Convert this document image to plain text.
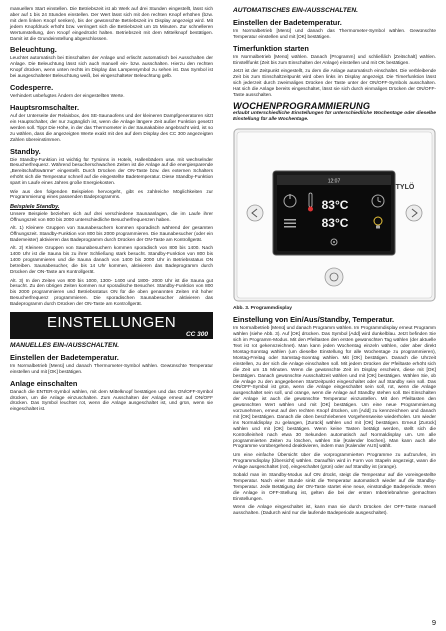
manuellem Start einstellen. Die Betriebszeit ist ab Werk auf drei Stunden eingestellt, lässt sich aber auf 1 bis 24 Stunden einstellen. Der Wert lässt sich mit den rechten Knopf erhöhen (bzw. mit dem linken Knopf senken), bis der gewünschte Betriebszeit im Display angezeigt wird. Mit jedem Knopfdruck erhöht bzw. verringert sich die Betriebszeit um 15 Minuten. Zur schnelleren Wertumstellung, den Knopf eingedrückt halten. Betriebszeit mit dem Mittelknopf bestätigen. Damit ist die Grundeinstellung abgeschlossen.

Beleuchtung.

Leuchtet automatisch bei Einschalten der Anlage und erlischt automatisch bei Ausschalten der Anlage. Die Beleuchtung lässt sich auch manuell ein- bzw. ausschalten. Hierzu den rechten Knopf drücken, wenn unten rechts im Display das Lampensymbol zu sehen ist. Das Symbol ist bei ausgeschalteter Beleuchtung weiß, bei eingeschalteter Beleuchtung gelb.

Codesperre.

Verhindert unbefugtes Ändern der eingestellten Werte.

Hauptsromschalter.

Auf der Unterseite der Relaisbox, des SE-Saunaofens und der kleineren Dampfgeneratoren sitzt ein Hauptschalter, der nur zugänglich ist, wenn die Anlage längere Zeit außer Funktion gesetzt werden soll. Tipp! Die Höhe, in der das Thermometer in der Saunakabine angebracht wird, ist so zu wählen, dass die angezeigten Werte exakt mit den auf dem Display des CC 300 angezeigten Zahlen übereinstimmen.

Standby.

Die Standby-Funktion ist wichtig für Tyrsinns in Hotels, Hallenbädern usw. mit wechselnder Besucherfrequenz. Während besucherschwachen Zeiten ist die Anlage auf die energiesparende „Bereitschaftswärme“ eingestellt. Durch Drücken der ON-Taste bzw. des externen Schalters erhöht sich die Temperatur schnell auf die eingestellte Badetemperatur. Diese Standby-Funktion spart im Laufe eines Jahres große Energiekosten.

Wie aus den folgenden Beispielen hervorgeht, gibt es zahlreiche Möglichkeiten zur Programmierung eines passenden Badeprogramms.

Beispiele Standby.

Unsere Beispiele beziehen sich auf drei verschiedene Saunaanlagen, die im Laufe ihrer Öffnungszeit von 800 bis 2000 unterschiedliche Besucherfrequenzen haben.

Alt. 1) Kleinere Gruppen von Saunabesuchern kommen sporadisch während der gesamten Öffnungszeit. Standby-Funktion von 800 bis 2000 programmieren. Die Saunabesucher (oder ein Bademeister) aktivieren das Badeprogramm durch Drücken der ON-Taste am Kontrollgerät.

Alt. 2) Kleinere Gruppen von Saunabesuchern kommen sporadisch von 800 bis 1400. Nach 1400 Uhr ist die Sauna bis zu ihrer Schließung stark besucht. Standby-Funktion von 800 bis 1400 programmieren und die Sauna danach von 1400 bis 2000 Uhr in Betriebsstatus ON betreiben. Saunabesucher, die bis 14 Uhr kommen, aktivieren das Badeprogramm durch Drücken der ON-Taste am Kontrollgerät.

Alt. 3) In den Zeiten von 800 bis 1000, 1300- 1400 und 1800- 2000 Uhr ist die Sauna gut besucht. Zu den übrigen Zeiten kommen nur sporadische Besucher. Standby-Funktion von 800 bis 2000 programmieren und Betriebsstatus ON für die oben genannten Zeiten mit hoher Besucherfrequenz programmieren. Die sporadischen Saunabesucher aktivieren das Badeprogramm durch Drücken der ON-Taste am Kontrollgerät.

EINSTELLUNGEN
CC 300
MANUELLES EIN-/AUSSCHALTEN.
Einstellen der Badetemperatur.

Im Normalbetrieb [Menü] und danach Thermometer-Symbol wählen. Gewünschte Temperatur einstellen und mit [OK] bestätigen.

Anlage einschalten

Danach die ENTER-Symbol wählen, mit dem Mittelknopf bestätigen und das ON/OFF-Symbol drücken, um die Anlage einzuschalten. Zum Ausschalten der Anlage erneut auf ON/OFF drücken. Das Symbol leuchtet rot, wenn die Anlage ausgeschaltet ist, und grün, wenn sie eingeschaltet ist.

AUTOMATISCHES EIN-/AUSSCHALTEN.
Einstellen der Badetemperatur.

Im Normalbetrieb [Menü] und danach das Thermometer-Symbol wählen. Gewünschte Temperatur einstellen und mit [OK] bestätigen.

Timerfunktion starten

Im Normalbetrieb [Menü] wählen. Danach [Programm] und schließlich [Zeitschalt] wählen. Einstellfunkt (Zeit bis zum Einschalten der Anlage) einstellen und mit OK bestätigen.

Jetzt ist der Zeitpunkt eingestellt, zu dem die Anlage automatisch einschaltet. Die verbleibende Zeit bis zum Einschaltzeitpunkt wird oben links im Display angezeigt. Die Timerfunktion lässt sich jederzeit durch zweimaliges Drücken der Taste unter der ON/OFF-Symbols ausschalten. Hat sich die Anlage bereits eingeschaltet, lässt sie sich durch einmaliges Drücken der ON/OFF-Taste ausschalten.

WOCHENPROGRAMMIERUNG

erlaubt unterschiedliche Einstellungen für unterschiedliche Wochentage oder dieselbe Einstellung für alle Wochentage.

12:07
83°C
83°C
TYLÖ

Abb. 3. Programmdisplay

Einstellung von Ein/Aus/Standby, Temperatur.

Im Normalbetrieb [Menü] und danach Programm wählen. Im Programmdisplay erneut Programm wählen (siehe Abb. 3). Auf [OK] drücken. Das Symbol [Add] wird dunkelblau. Jetzt befinden Sie sich im Programm-Modus. Mit den Pfeiltasten den ersten gewünschten Tag wählen (der aktuelle Text ist rot gekennzeichnet). Man kann jeden Wochentag einzeln wählen, oder aber direkt Montag-Sonntag wählen (um dieselbe Einstellung für alle Wochentage zu programmieren), Montag-Freitag oder Samstag-Sonntag wählen. Mit [OK] bestätigen. Danach die Uhrzeit einstellen, zu der sich die Anlage einschalten soll. Mit jedem Drücken der Pfeiltaste erhöht sich die Zeit um 15 Minuten. Wenn die gewünschte Zeit im Display erscheint, diese mit [OK] bestätigen. Danach gewünschte Ausschaltzeit wählen und mit [OK] bestätigen. Wählen Sie, ob die Anlage zu den angegebenen Startzeitpunkt eingeschaltet oder auf Standby sein soll. Das ON/OFF-Symbol ist grün, wenn die Anlage eingeschaltet sein soll, rot, wenn die Anlage ausgeschaltet sein soll, und orange, wenn die Anlage auf Standby stehen soll. Bei Einschalten der Anlage ist auch die gewünschte Temperatur einzustellen. Mit den Pfeiltasten den gewünschten Wert wählen und mit [OK] bestätigen. Um eine neue Programmierung vorzunehmen, erneut auf den rechten Knopf drücken, um [Add] zu kennzeichnen und danach mit [OK] bestätigen. Danach die oben beschriebenen Vorgehensweise wiederholen. Um wieder ins Normaldisplay zu gelangen, [Zurück] wählen und mit [OK] bestätigen. Erneut [Zurück] wählen und mit [OK] bestätigen. Wenn keine Tasten betätigt werden, stellt sich die Kontrolleinheit nach etwa 30 Sekunden automatisch auf Normaldisplay um. Um alle programmierten Zeiten zu löschen, wählen Sie [Kalender löschen]. Man kann auch alle Programme vorübergehend deaktivieren, indem man [Kalender AUS] wählt.

Um eine einfache Übersicht über die vorprogrammierten Programme zu aufzurufen, im Programmdisplay [Übersicht] wählen. Daraufhin wird in Form von Stapeln angezeigt, wann die Anlage ausgeschaltet (rot), eingeschaltet (grün) oder auf Standby ist (orange).

Sobald man im Standby-Modus auf ON drückt, steigt die Temperatur auf die voreingestellte Temperatur. Nach einer Stunde sinkt die Temperatur automatisch wieder auf die Standby-Temperatur. Jede Betätigung der ON-Taste startet eine neue, einstündige Badeperiode. Wenn die Anlage in OFF-Stellung ist, gelten die bei der ersten Inbetriebnahme gemachten Einstellungen.

Wenn die Anlage eingeschaltet ist, kann man sie durch Drücken der OFF-Taste manuell ausschalten. (Dadurch wird nur die laufende Badeperiode ausgeschaltet).

9
